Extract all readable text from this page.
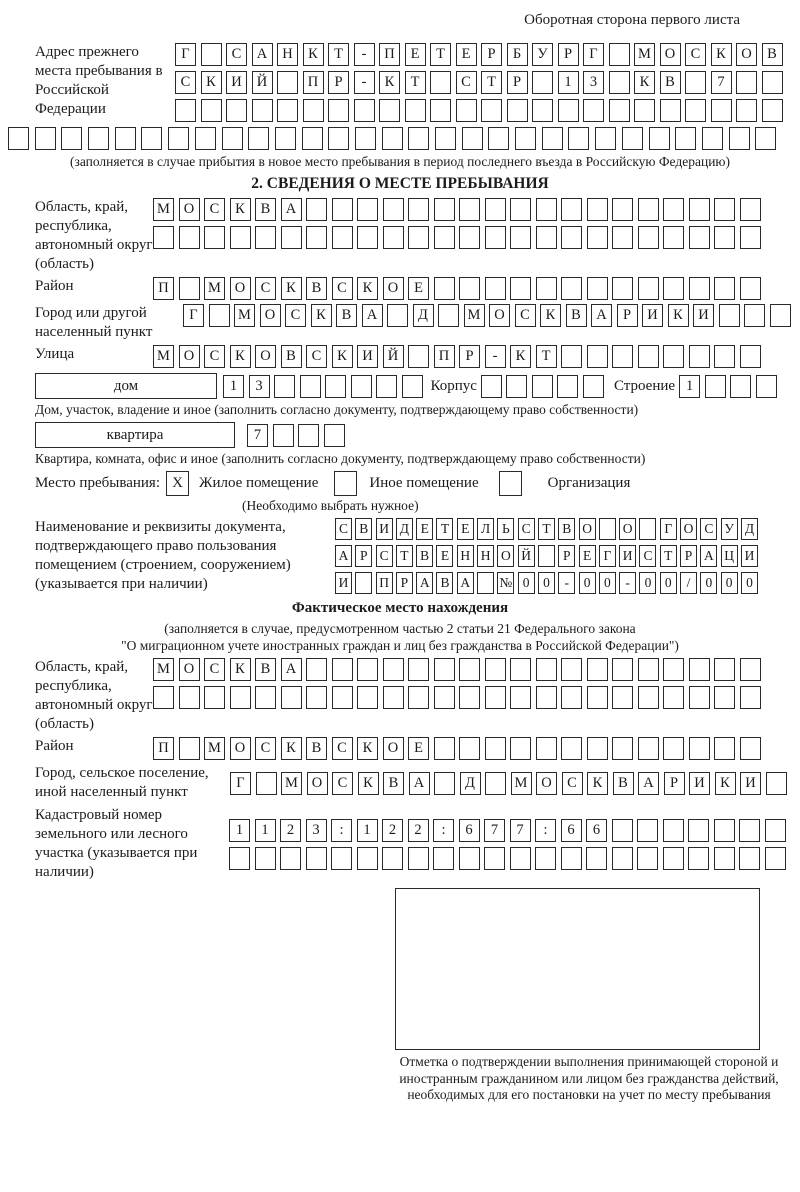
Оборотная сторона первого листа
Адрес прежнего места пребывания в Российской Федерации
Г	С	А	Н	К	Т	-	П	Е	Т	Е	Р	Б	У	Р	Г	М О	С	К	О	В
С	К	И	Й	П	Р	-	К	Т	С	Т	Р	1	3	К	В	7
(заполняется в случае прибытия в новое место пребывания в период последнего въезда в Российскую Федерацию)
2. СВЕДЕНИЯ О МЕСТЕ ПРЕБЫВАНИЯ
Область, край, республика, автономный округ (область)
М О	С	К	В	А
Район	П	М О	С	К	В	С	К	О	Е
Город или другой населенный пункт
Г	М О	С	К	В	А	Д	М О	С	К	В	А	Р	И	К	И
Улица	М О	С	К	О	В	С	К	И	Й	П	Р	-	К	Т
дом	1	3	Корпус	Строение 1
Дом, участок, владение и иное (заполнить согласно документу, подтверждающему право собственности)
квартира	7
Квартира, комната, офис и иное (заполнить согласно документу, подтверждающему право собственности)
Место пребывания: X	Жилое помещение	Иное помещение	Организация
(Необходимо выбрать нужное)
Наименование и реквизиты документа, подтверждающего право пользования помещением (строением, сооружением) (указывается при наличии)
С В И Д Е Т Е Л Ь С Т В О О	Г О С У Д
А Р С Т В Е Н Н О Й	Р Е Г И С Т Р А Ц И
И П Р А В А № 0	0	-	0	0	-	0	0	/	0	0	0
Фактическое место нахождения
(заполняется в случае, предусмотренном частью 2 статьи 21 Федерального закона
"О миграционном учете иностранных граждан и лиц без гражданства в Российской Федерации")
Область, край, республика, автономный округ (область)
М О	С	К	В	А
Район	П	М О	С	К	В	С	К	О	Е
Город, сельское поселение, иной населенный пункт
Г	М О	С	К	В	А	Д	М О	С	К	В	А	Р	И	К	И
Кадастровый номер земельного или лесного участка (указывается при наличии)
1	1	2	3	:	1	2	2	:	6	7	7	:	6	6
Отметка о подтверждении выполнения принимающей стороной и иностранным гражданином или лицом без гражданства действий, необходимых для его постановки на учет по месту пребывания
